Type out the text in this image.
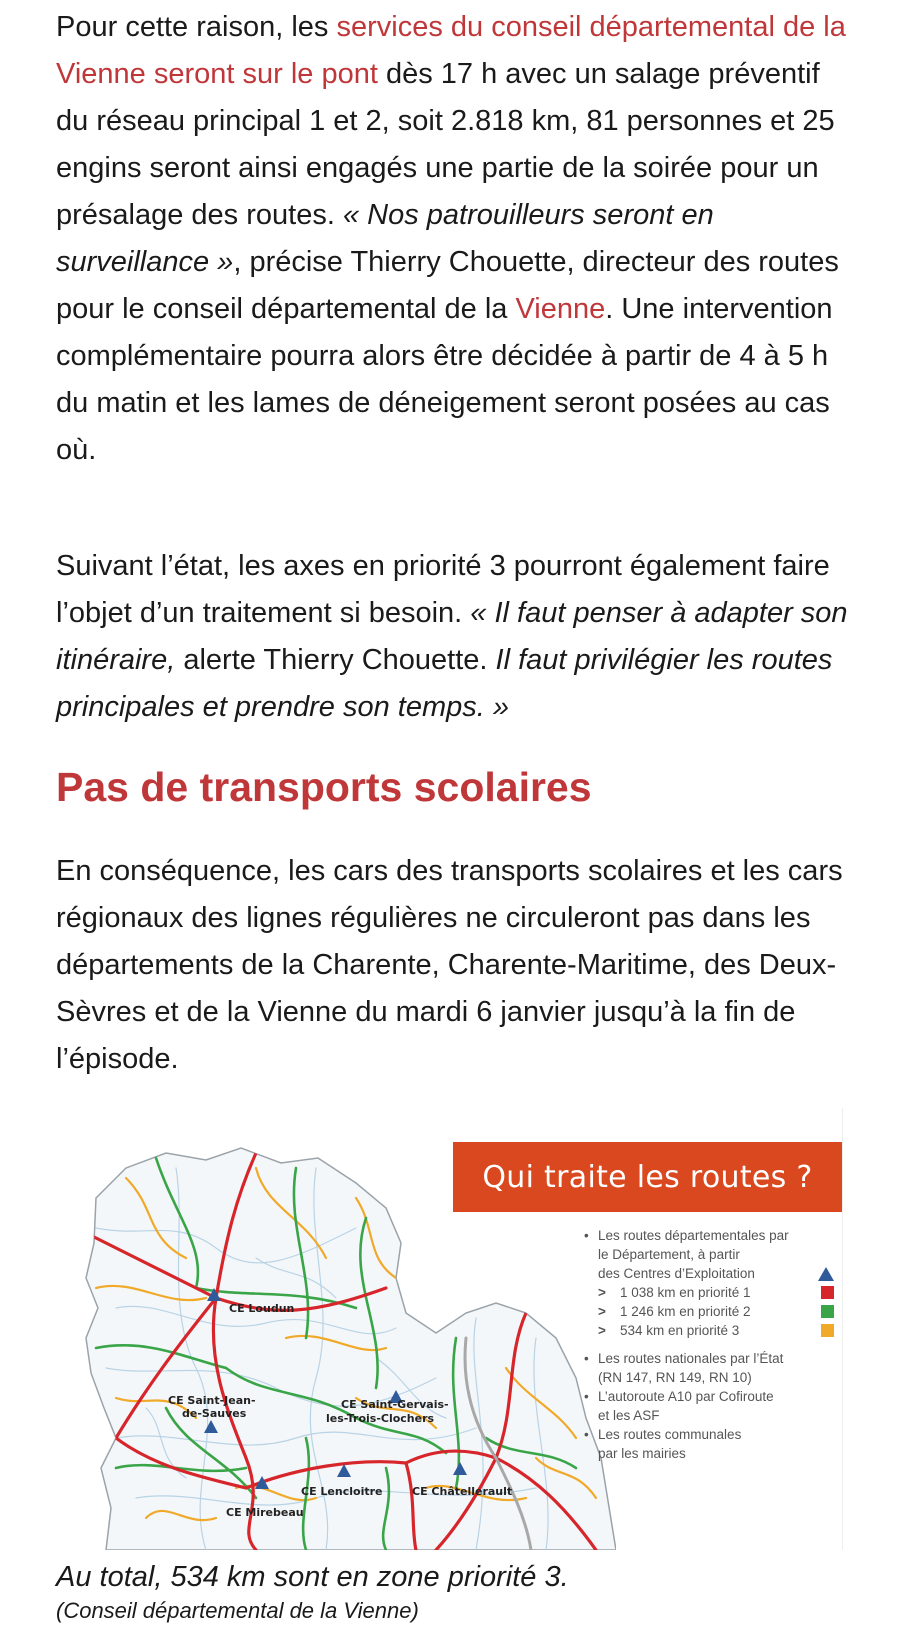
Pour cette raison, les services du conseil départemental de la Vienne seront sur le pont dès 17 h avec un salage préventif du réseau principal 1 et 2, soit 2.818 km, 81 personnes et 25 engins seront ainsi engagés une partie de la soirée pour un présalage des routes. « Nos patrouilleurs seront en surveillance », précise Thierry Chouette, directeur des routes pour le conseil départemental de la Vienne. Une intervention complémentaire pourra alors être décidée à partir de 4 à 5 h du matin et les lames de déneigement seront posées au cas où.

Suivant l’état, les axes en priorité 3 pourront également faire l’objet d’un traitement si besoin. « Il faut penser à adapter son itinéraire, alerte Thierry Chouette. Il faut privilégier les routes principales et prendre son temps. »

Pas de transports scolaires

En conséquence, les cars des transports scolaires et les cars régionaux des lignes régulières ne circuleront pas dans les départements de la Charente, Charente-Maritime, des Deux-Sèvres et de la Vienne du mardi 6 janvier jusqu’à la fin de l’épisode.

CE Loudun
CE Saint-Jean-
de-Sauves
CE Saint-Gervais-
les-Trois-Clochers
CE Lencloitre	CE Châtellerault
CE Mirebeau
Qui traite les routes ?
• Les routes départementales par
le Département, à partir
des Centres d’Exploitation
> 1 038 km en priorité 1
> 1 246 km en priorité 2
> 534 km en priorité 3
• Les routes nationales par l’État
(RN 147, RN 149, RN 10)
• L’autoroute A10 par Cofiroute
et les ASF
• Les routes communales
par les mairies

Au total, 534 km sont en zone priorité 3.

(Conseil départemental de la Vienne)
